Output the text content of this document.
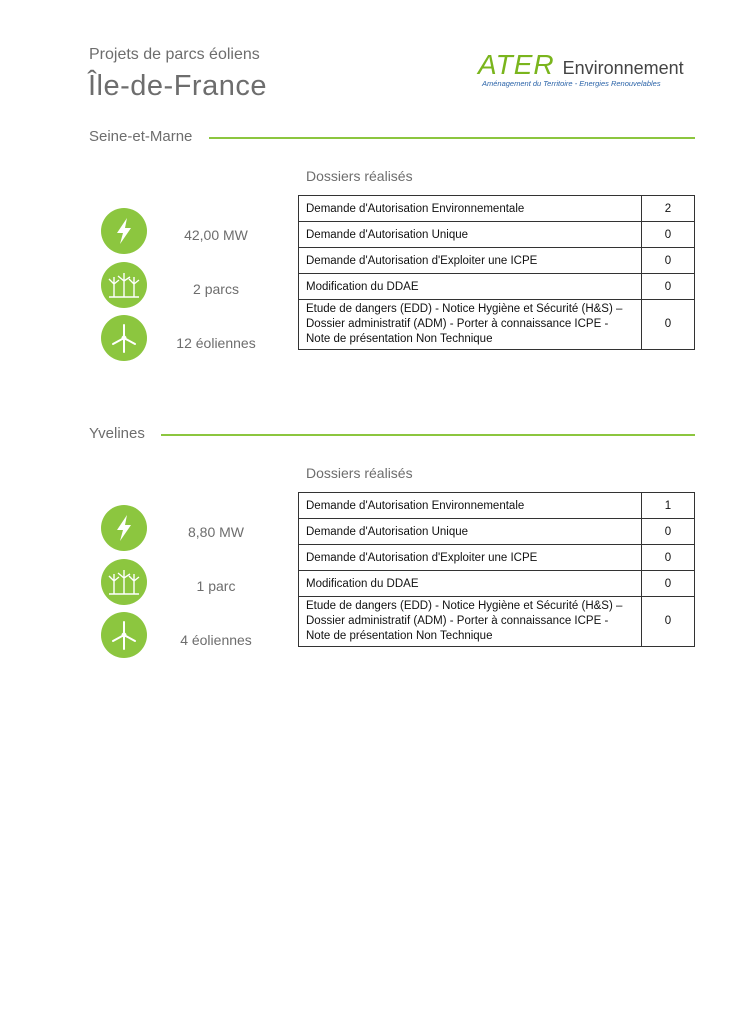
Projets de parcs éoliens
Île-de-France
ATER Environnement
Aménagement du Territoire - Energies Renouvelables
Seine-et-Marne
Dossiers réalisés
42,00 MW
2 parcs
12 éoliennes
Demande d'Autorisation Environnementale	2
Demande d'Autorisation Unique	0
Demande d'Autorisation d'Exploiter une ICPE	0
Modification du DDAE	0
Etude de dangers (EDD) - Notice Hygiène et Sécurité (H&S) – Dossier administratif (ADM) - Porter à connaissance ICPE - Note de présentation Non Technique	0
Yvelines
Dossiers réalisés
8,80 MW
1 parc
4 éoliennes
Demande d'Autorisation Environnementale	1
Demande d'Autorisation Unique	0
Demande d'Autorisation d'Exploiter une ICPE	0
Modification du DDAE	0
Etude de dangers (EDD) - Notice Hygiène et Sécurité (H&S) – Dossier administratif (ADM) - Porter à connaissance ICPE - Note de présentation Non Technique	0
